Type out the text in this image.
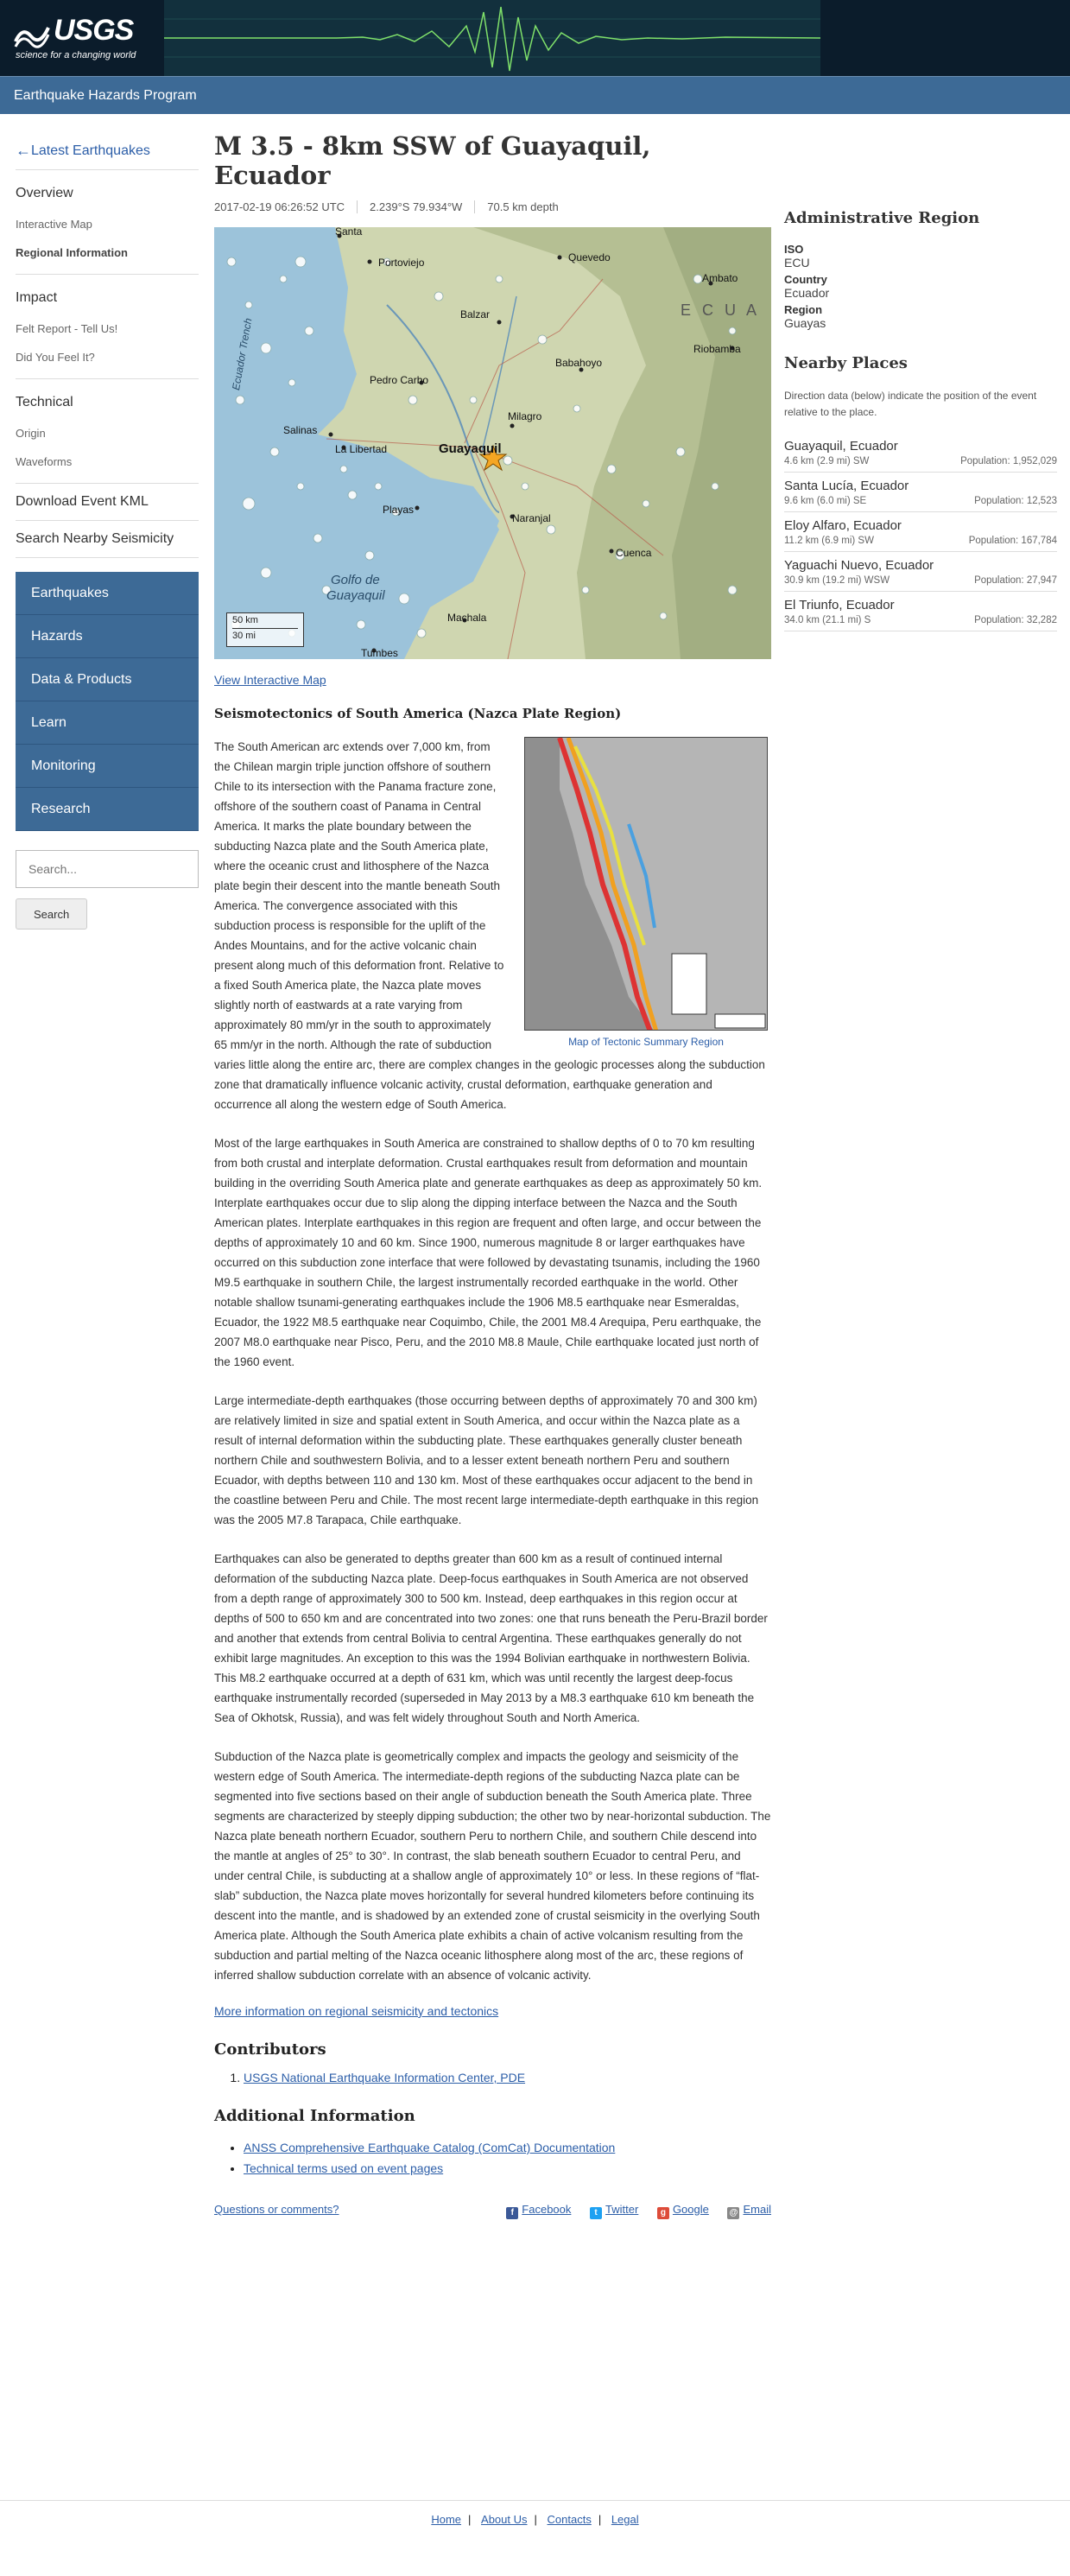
USGS
science for a changing world
Earthquake Hazards Program
← Latest Earthquakes
Overview
Interactive Map
Regional Information
Impact
Felt Report - Tell Us!
Did You Feel It?
Technical
Origin
Waveforms
Download Event KML
Search Nearby Seismicity
Earthquakes
Hazards
Data & Products
Learn
Monitoring
Research
Search... Search
M 3.5 - 8km SSW of Guayaquil, Ecuador
2017-02-19 06:26:52 UTC 2.239°S 79.934°W 70.5 km depth
Santa
Portoviejo	Quevedo
Ambato
Balzar	E C U A
Riobamba
Babahoyo
Pedro Carbo
Salinas
La Libertad	Guayaquil
Milagro
Playas
Naranjal
Cuenca
Golfo de
Guayaquil
Machala
Tumbes
Ecuador Trench
50 km
30 mi
View Interactive Map
Seismotectonics of South America (Nazca Plate Region)
Map of Tectonic Summary Region

The South American arc extends over 7,000 km, from the Chilean margin triple junction offshore of southern Chile to its intersection with the Panama fracture zone, offshore of the southern coast of Panama in Central America. It marks the plate boundary between the subducting Nazca plate and the South America plate, where the oceanic crust and lithosphere of the Nazca plate begin their descent into the mantle beneath South America. The convergence associated with this subduction process is responsible for the uplift of the Andes Mountains, and for the active volcanic chain present along much of this deformation front. Relative to a fixed South America plate, the Nazca plate moves slightly north of eastwards at a rate varying from approximately 80 mm/yr in the south to approximately 65 mm/yr in the north. Although the rate of subduction varies little along the entire arc, there are complex changes in the geologic processes along the subduction zone that dramatically influence volcanic activity, crustal deformation, earthquake generation and occurrence all along the western edge of South America.

Most of the large earthquakes in South America are constrained to shallow depths of 0 to 70 km resulting from both crustal and interplate deformation. Crustal earthquakes result from deformation and mountain building in the overriding South America plate and generate earthquakes as deep as approximately 50 km. Interplate earthquakes occur due to slip along the dipping interface between the Nazca and the South American plates. Interplate earthquakes in this region are frequent and often large, and occur between the depths of approximately 10 and 60 km. Since 1900, numerous magnitude 8 or larger earthquakes have occurred on this subduction zone interface that were followed by devastating tsunamis, including the 1960 M9.5 earthquake in southern Chile, the largest instrumentally recorded earthquake in the world. Other notable shallow tsunami-generating earthquakes include the 1906 M8.5 earthquake near Esmeraldas, Ecuador, the 1922 M8.5 earthquake near Coquimbo, Chile, the 2001 M8.4 Arequipa, Peru earthquake, the 2007 M8.0 earthquake near Pisco, Peru, and the 2010 M8.8 Maule, Chile earthquake located just north of the 1960 event.

Large intermediate-depth earthquakes (those occurring between depths of approximately 70 and 300 km) are relatively limited in size and spatial extent in South America, and occur within the Nazca plate as a result of internal deformation within the subducting plate. These earthquakes generally cluster beneath northern Chile and southwestern Bolivia, and to a lesser extent beneath northern Peru and southern Ecuador, with depths between 110 and 130 km. Most of these earthquakes occur adjacent to the bend in the coastline between Peru and Chile. The most recent large intermediate-depth earthquake in this region was the 2005 M7.8 Tarapaca, Chile earthquake.

Earthquakes can also be generated to depths greater than 600 km as a result of continued internal deformation of the subducting Nazca plate. Deep-focus earthquakes in South America are not observed from a depth range of approximately 300 to 500 km. Instead, deep earthquakes in this region occur at depths of 500 to 650 km and are concentrated into two zones: one that runs beneath the Peru-Brazil border and another that extends from central Bolivia to central Argentina. These earthquakes generally do not exhibit large magnitudes. An exception to this was the 1994 Bolivian earthquake in northwestern Bolivia. This M8.2 earthquake occurred at a depth of 631 km, which was until recently the largest deep-focus earthquake instrumentally recorded (superseded in May 2013 by a M8.3 earthquake 610 km beneath the Sea of Okhotsk, Russia), and was felt widely throughout South and North America.

Subduction of the Nazca plate is geometrically complex and impacts the geology and seismicity of the western edge of South America. The intermediate-depth regions of the subducting Nazca plate can be segmented into five sections based on their angle of subduction beneath the South America plate. Three segments are characterized by steeply dipping subduction; the other two by near-horizontal subduction. The Nazca plate beneath northern Ecuador, southern Peru to northern Chile, and southern Chile descend into the mantle at angles of 25° to 30°. In contrast, the slab beneath southern Ecuador to central Peru, and under central Chile, is subducting at a shallow angle of approximately 10° or less. In these regions of “flat-slab” subduction, the Nazca plate moves horizontally for several hundred kilometers before continuing its descent into the mantle, and is shadowed by an extended zone of crustal seismicity in the overlying South America plate. Although the South America plate exhibits a chain of active volcanism resulting from the subduction and partial melting of the Nazca oceanic lithosphere along most of the arc, these regions of inferred shallow subduction correlate with an absence of volcanic activity.

More information on regional seismicity and tectonics
Contributors
1. USGS National Earthquake Information Center, PDE
Additional Information
• ANSS Comprehensive Earthquake Catalog (ComCat) Documentation
• Technical terms used on event pages
Questions or comments?	f Facebook	t Twitter	g Google @ Email
Administrative Region
ISO
ECU
Country
Ecuador
Region
Guayas
Nearby Places

Direction data (below) indicate the position of the event relative to the place.

Guayaquil, Ecuador
4.6 km (2.9 mi) SW	Population: 1,952,029
Santa Lucía, Ecuador
9.6 km (6.0 mi) SE	Population: 12,523
Eloy Alfaro, Ecuador
11.2 km (6.9 mi) SW	Population: 167,784
Yaguachi Nuevo, Ecuador
30.9 km (19.2 mi) WSW	Population: 27,947
El Triunfo, Ecuador
34.0 km (21.1 mi) S	Population: 32,282
Home | About Us | Contacts | Legal
